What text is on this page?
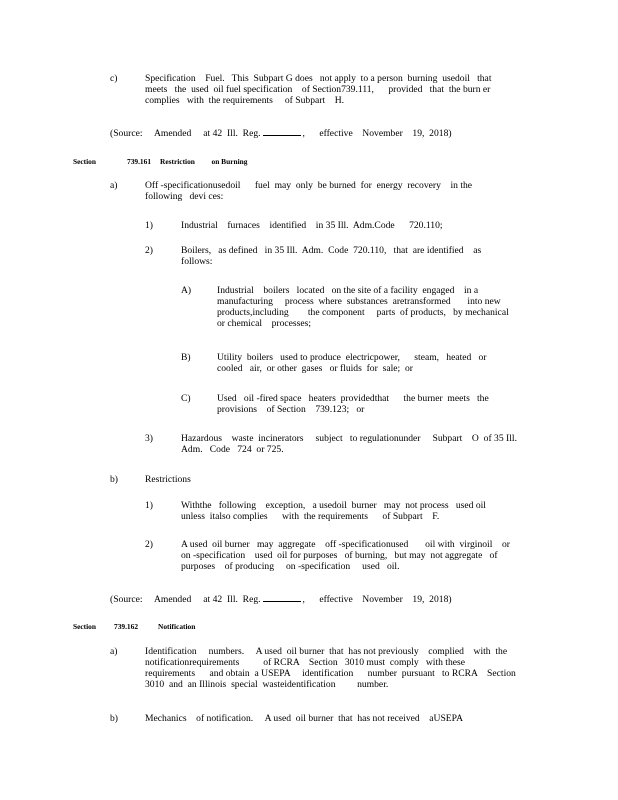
c)	Specification    Fuel.   This  Subpart G does   not apply  to a person  burning  usedoil   that
meets   the  used  oil fuel specification    of Section739.111,      provided   that  the burn er
complies   with  the requirements     of Subpart    H.
(Source:     Amended     at 42  Ill.  Reg.	,      effective    November    19,  2018)
Section	739.161 Restriction         on Burning
a)	Off -specificationusedoil      fuel  may  only  be burned  for  energy  recovery    in the
following   devi ces:
1)	Industrial    furnaces    identified    in 35 Ill.  Adm.Code      720.110;
2)	Boilers,   as defined   in 35 Ill.  Adm.  Code  720.110,   that  are identified    as
follows:
A)	Industrial    boilers   located   on the site of a facility  engaged    in a
manufacturing     process  where  substances  aretransformed       into new
products,including        the component     parts  of products,   by mechanical
or chemical    processes;
B)	Utility  boilers   used to produce  electricpower,      steam,   heated   or
cooled   air,  or other  gases   or fluids  for  sale;  or
C)	Used   oil -fired space   heaters  providedthat      the burner  meets   the
provisions    of Section    739.123;   or
3)	Hazardous    waste  incinerators     subject   to regulationunder     Subpart    O  of 35 Ill.
Adm.   Code   724  or 725.
b)	Restrictions
1)	Withthe   following    exception,   a usedoil  burner   may  not process   used oil
unless  italso complies      with  the requirements      of Subpart    F.
2)	A used  oil burner   may  aggregate    off -specificationused       oil with  virginoil    or
on -specification    used  oil for purposes   of burning,   but may  not aggregate   of
purposes    of producing     on -specification     used   oil.
(Source:     Amended     at 42  Ill.  Reg.	,      effective    November    19,  2018)
Section 739.162	Notification
a)	Identification     numbers.     A used  oil burner  that  has not previously    complied    with  the
notificationrequirements          of RCRA    Section   3010 must  comply   with these
requirements      and obtain  a USEPA     identification      number  pursuant   to RCRA    Section
3010  and  an Illinois  special  wasteidentification         number.
b)	Mechanics    of notification.     A used  oil burner  that  has not received    aUSEPA
